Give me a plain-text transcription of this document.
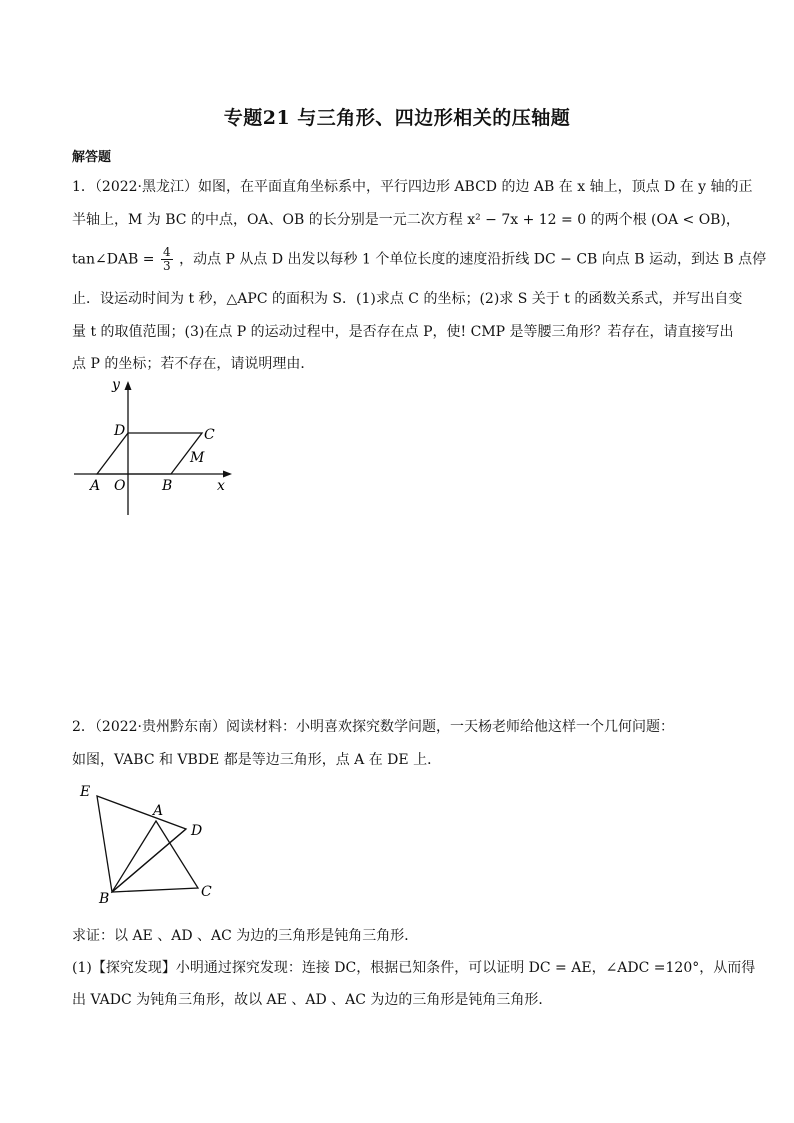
专题21 与三角形、四边形相关的压轴题
解答题
1．（2022·黑龙江）如图，在平面直角坐标系中，平行四边形 ABCD 的边 AB 在 x 轴上，顶点 D 在 y 轴的正
半轴上，M 为 BC 的中点，OA、OB 的长分别是一元二次方程 x² − 7x + 12 = 0 的两个根 (OA < OB)，
tan∠DAB = $\frac{4}{3}$ ，动点 P 从点 D 出发以每秒 1 个单位长度的速度沿折线 DC − CB 向点 B 运动，到达 B 点停
止．设运动时间为 t 秒，△APC 的面积为 S．(1)求点 C 的坐标；(2)求 S 关于 t 的函数关系式，并写出自变
量 t 的取值范围；(3)在点 P 的运动过程中，是否存在点 P，使! CMP 是等腰三角形？若存在，请直接写出
点 P 的坐标；若不存在，请说明理由．
y
D	C
M
A O	B	x
2．（2022·贵州黔东南）阅读材料：小明喜欢探究数学问题，一天杨老师给他这样一个几何问题：
如图，VABC 和 VBDE 都是等边三角形，点 A 在 DE 上．
E
A
D
B	C
求证：以 AE 、AD 、AC 为边的三角形是钝角三角形．
(1)【探究发现】小明通过探究发现：连接 DC，根据已知条件，可以证明 DC = AE，∠ADC =120°，从而得
出 VADC 为钝角三角形，故以 AE 、AD 、AC 为边的三角形是钝角三角形．
